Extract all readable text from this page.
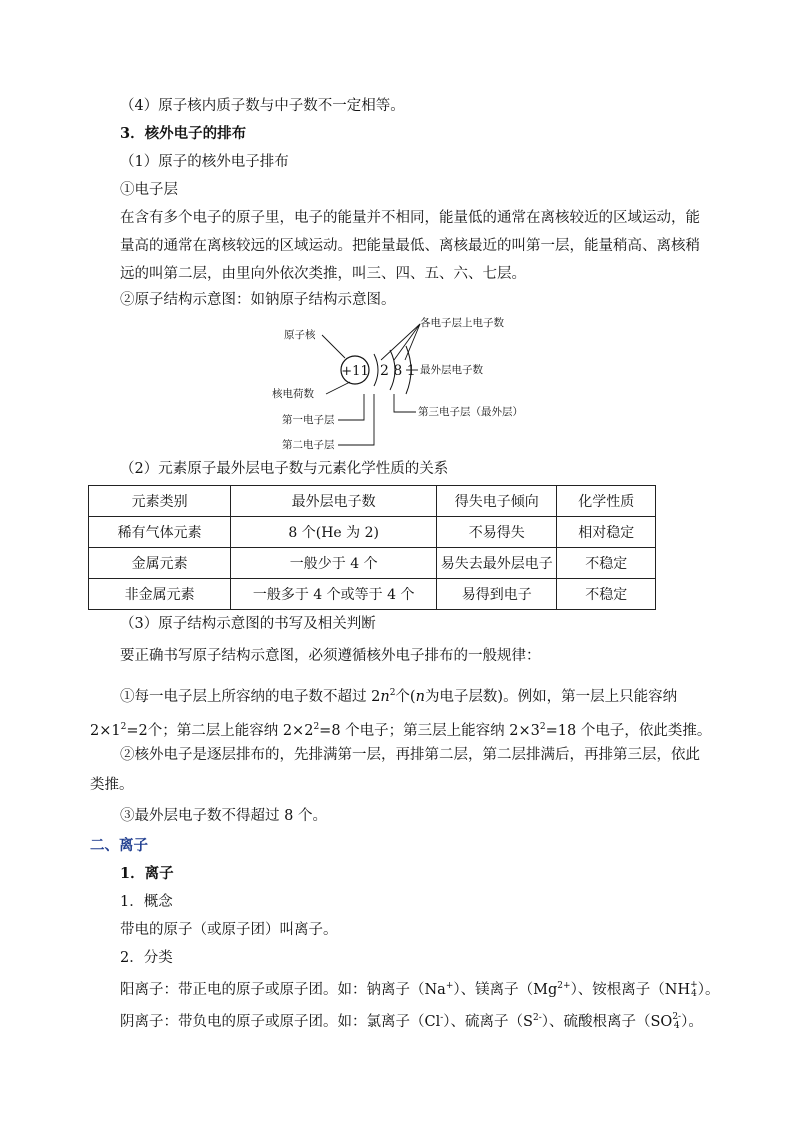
（4）原子核内质子数与中子数不一定相等。
3．核外电子的排布
（1）原子的核外电子排布
①电子层
在含有多个电子的原子里，电子的能量并不相同，能量低的通常在离核较近的区域运动，能量高的通常在离核较远的区域运动。把能量最低、离核最近的叫第一层，能量稍高、离核稍远的叫第二层，由里向外依次类推，叫三、四、五、六、七层。
②原子结构示意图：如钠原子结构示意图。
+11 2 8 1
原子核
核电荷数
第一电子层
第二电子层
各电子层上电子数
最外层电子数
第三电子层（最外层）
（2）元素原子最外层电子数与元素化学性质的关系
元素类别	最外层电子数	得失电子倾向	化学性质
稀有气体元素	8 个(He 为 2)	不易得失	相对稳定
金属元素	一般少于 4 个	易失去最外层电子	不稳定
非金属元素	一般多于 4 个或等于 4 个	易得到电子	不稳定
（3）原子结构示意图的书写及相关判断
要正确书写原子结构示意图，必须遵循核外电子排布的一般规律：
①每一电子层上所容纳的电子数不超过 $2n^2$个(n为电子层数)。例如，第一层上只能容纳 $2\times 1^2=2$个；第二层上能容纳 $2\times 2^2=8$ 个电子；第三层上能容纳 $2\times 3^2=18$ 个电子，依此类推。
②核外电子是逐层排布的，先排满第一层，再排第二层，第二层排满后，再排第三层，依此类推。
③最外层电子数不得超过 8 个。
二、离子
1．离子
1．概念
带电的原子（或原子团）叫离子。
2．分类
阳离子：带正电的原子或原子团。如：钠离子（Na+）、镁离子$(Mg^{2+})$、铵根离子（NH+
4）。
阴离子：带负电的原子或原子团。如：氯离子（Cl-）、硫离子$(S^{2-})$、硫酸根离子（SO2-
4 ）。
